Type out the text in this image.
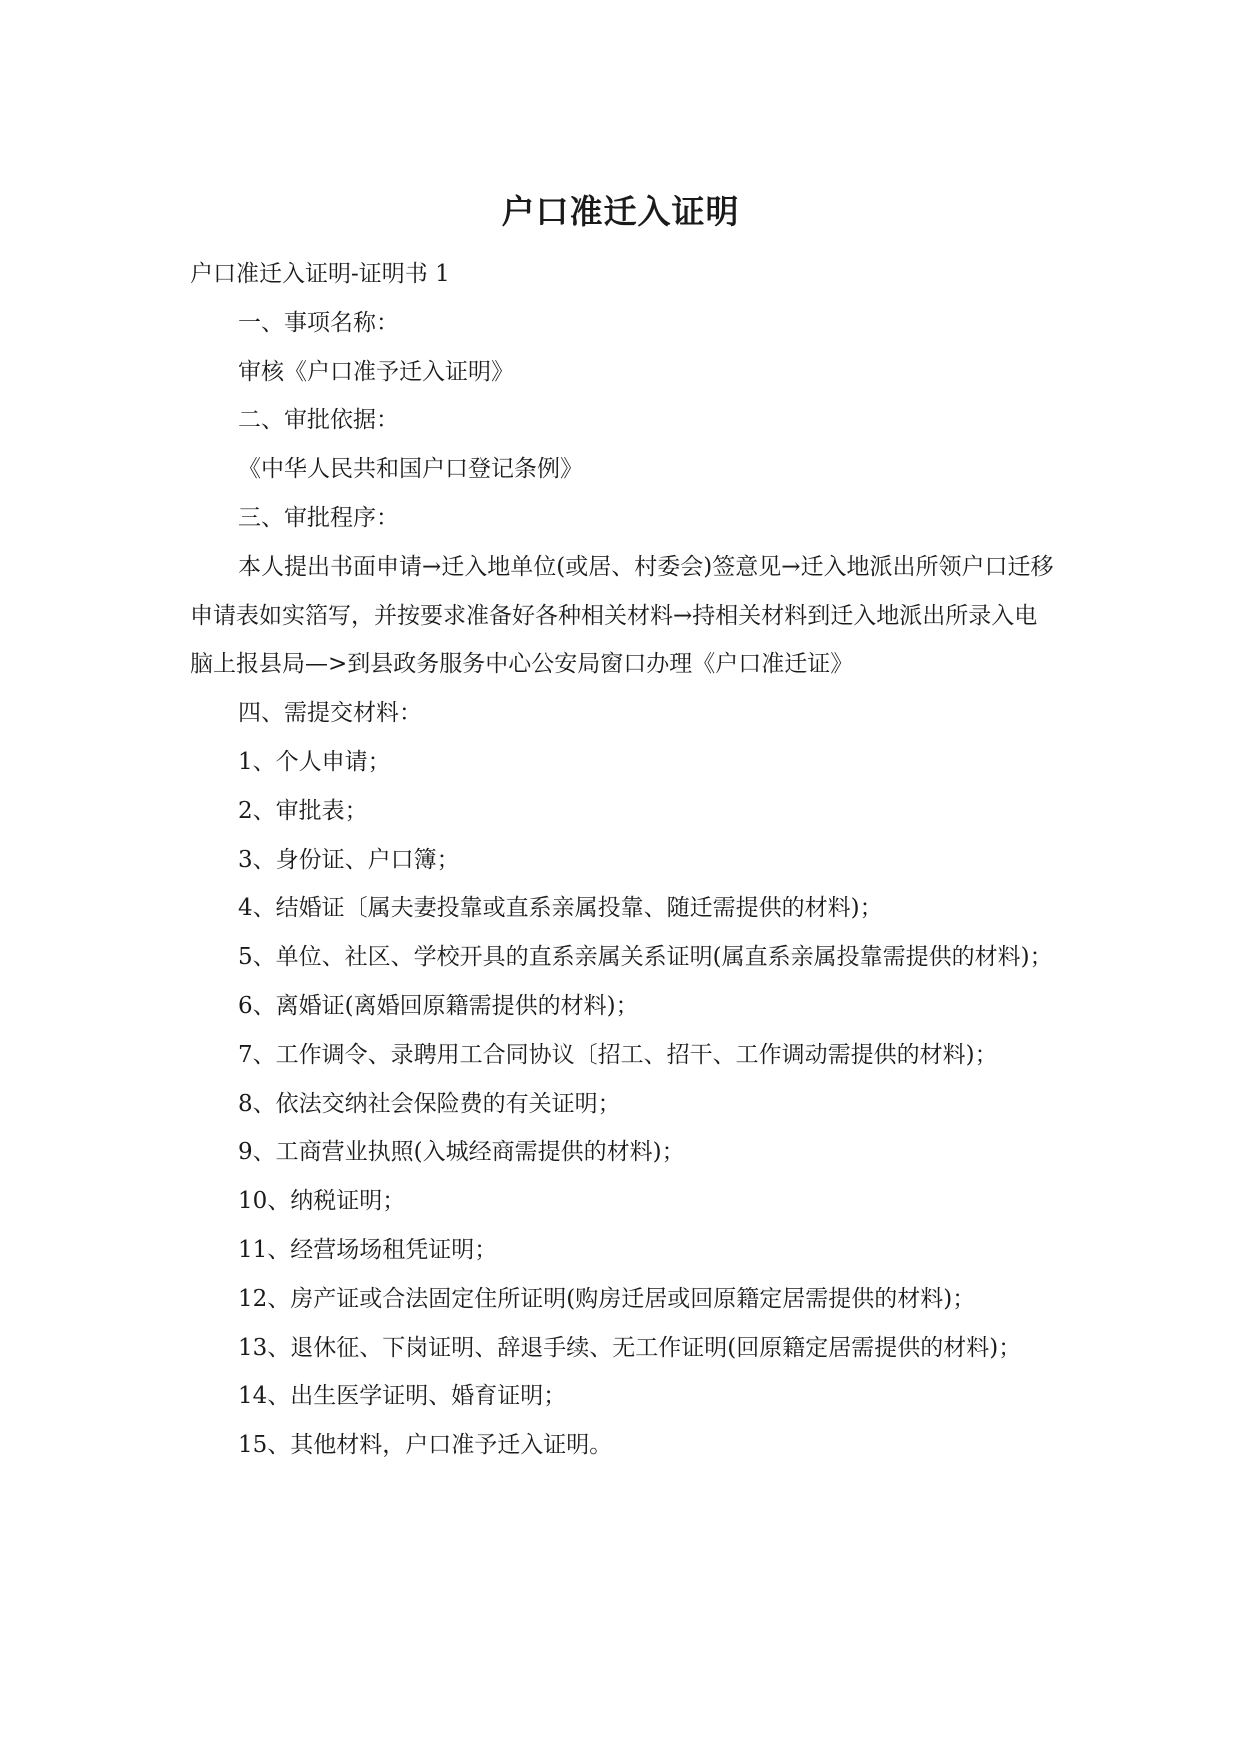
户口准迁入证明

户口准迁入证明-证明书 1

一、事项名称：

审核《户口准予迁入证明》

二、审批依据：

《中华人民共和国户口登记条例》

三、审批程序：

本人提出书面申请→迁入地单位(或居、村委会)签意见→迁入地派出所领户口迁移申请表如实箔写，并按要求准备好各种相关材料→持相关材料到迁入地派出所录入电脑上报县局—>到县政务服务中心公安局窗口办理《户口准迁证》

四、需提交材料：

1、个人申请；

2、审批表；

3、身份证、户口簿；

4、结婚证〔属夫妻投靠或直系亲属投靠、随迁需提供的材料)；

5、单位、社区、学校开具的直系亲属关系证明(属直系亲属投靠需提供的材料)；

6、离婚证(离婚回原籍需提供的材料)；

7、工作调令、录聘用工合同协议〔招工、招干、工作调动需提供的材料)；

8、依法交纳社会保险费的有关证明；

9、工商营业执照(入城经商需提供的材料)；

10、纳税证明；

11、经营场场租凭证明；

12、房产证或合法固定住所证明(购房迁居或回原籍定居需提供的材料)；

13、退休征、下岗证明、辞退手续、无工作证明(回原籍定居需提供的材料)；

14、出生医学证明、婚育证明；

15、其他材料，户口准予迁入证明。
